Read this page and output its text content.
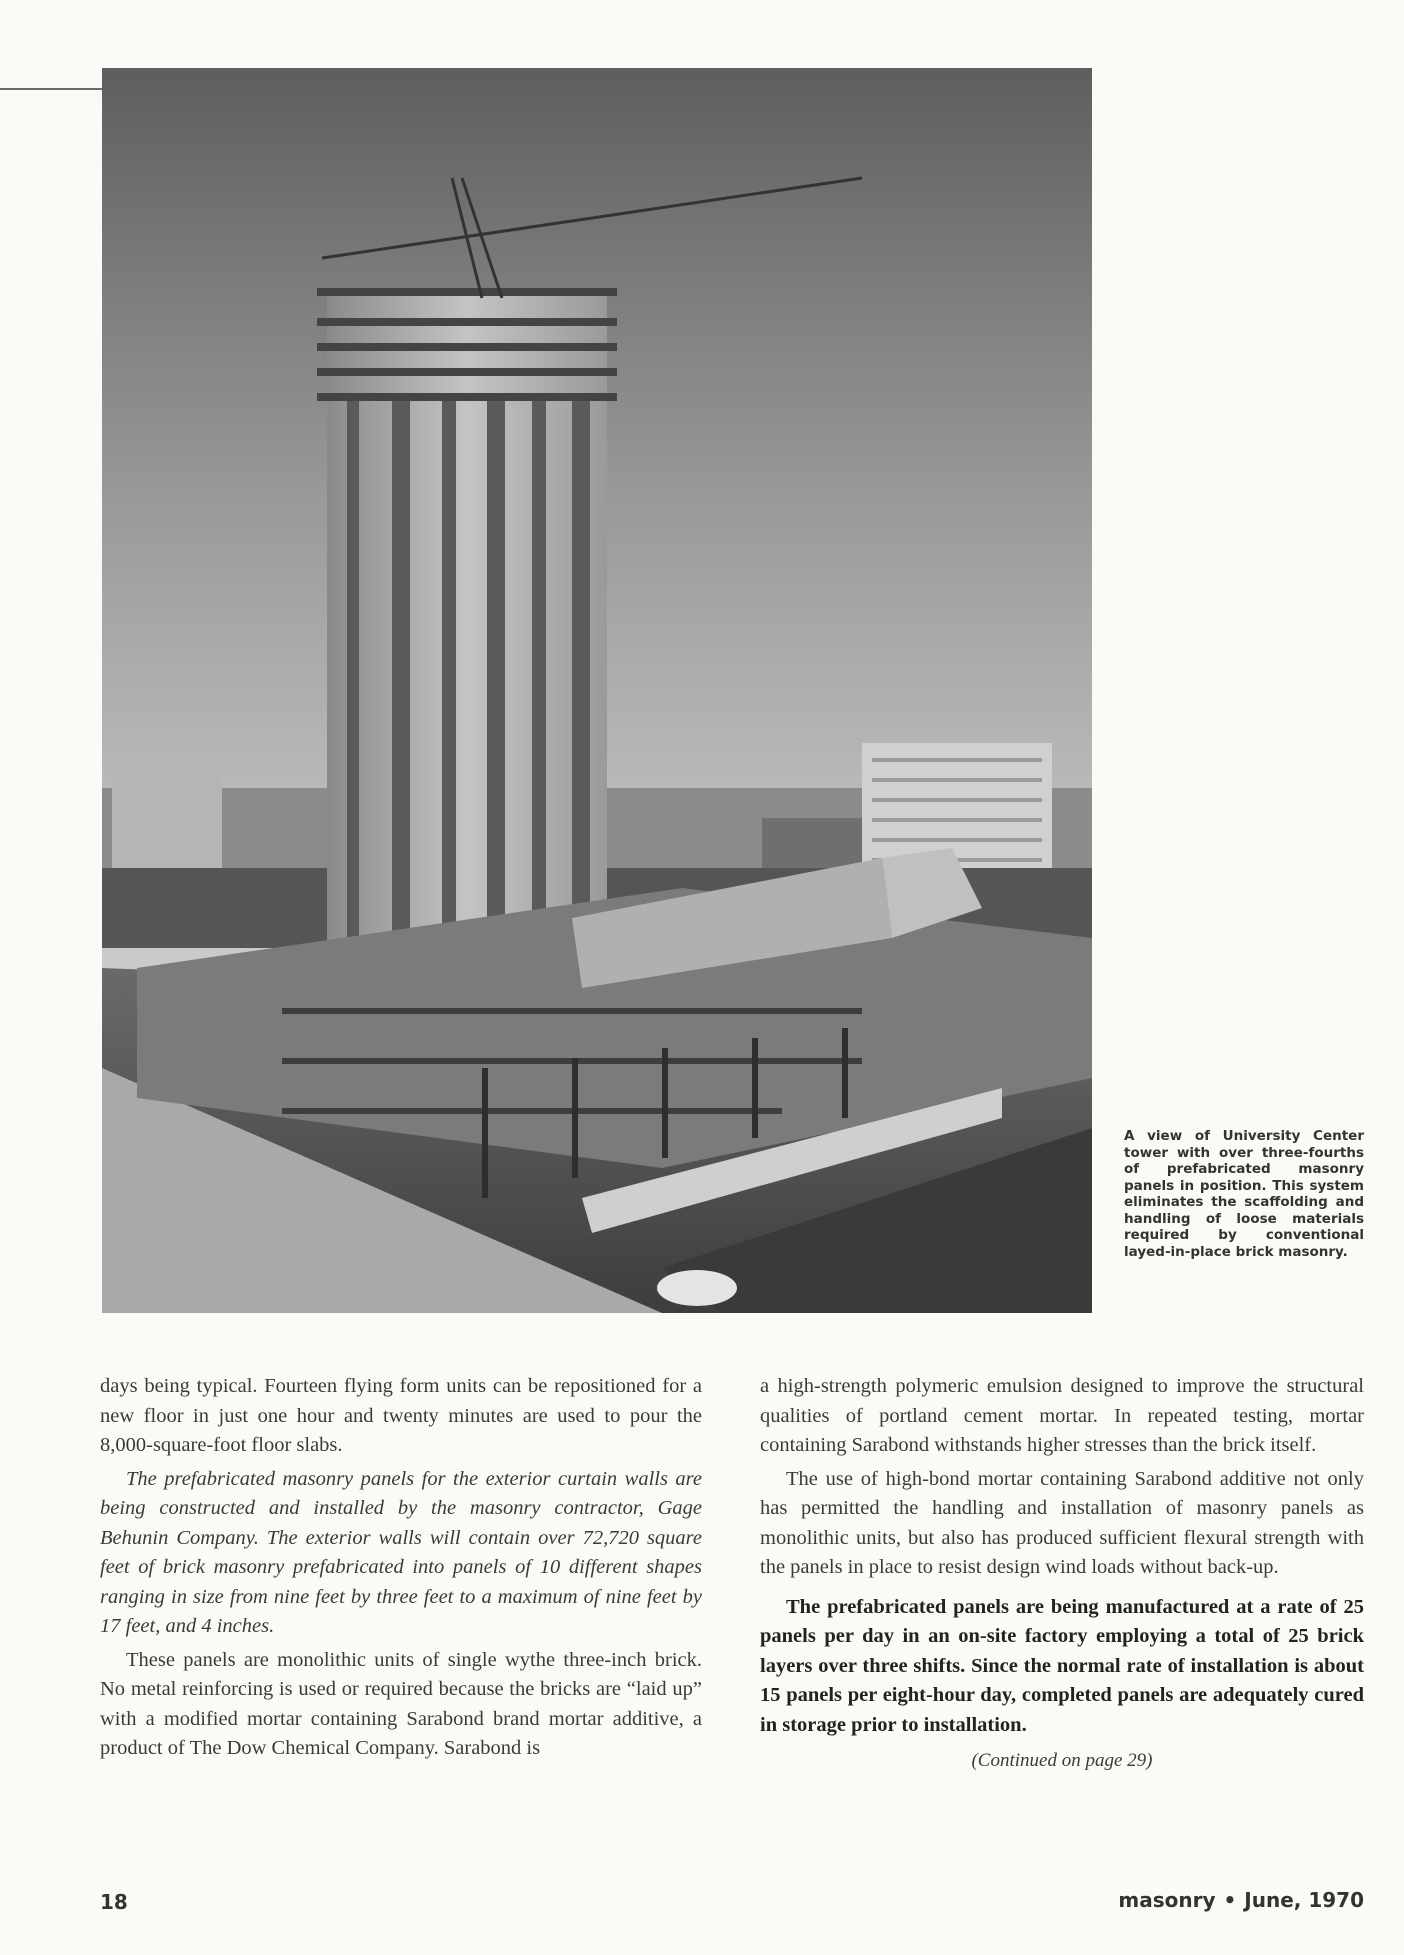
A view of University Center tower with over three-fourths of prefabricated masonry panels in position. This system eliminates the scaffolding and handling of loose materials required by conventional layed-in-place brick masonry.

days being typical. Fourteen flying form units can be repositioned for a new floor in just one hour and twenty minutes are used to pour the 8,000-square-foot floor slabs.

The prefabricated masonry panels for the exterior curtain walls are being constructed and installed by the masonry contractor, Gage Behunin Company. The exterior walls will contain over 72,720 square feet of brick masonry prefabricated into panels of 10 different shapes ranging in size from nine feet by three feet to a maximum of nine feet by 17 feet, and 4 inches.

These panels are monolithic units of single wythe three-inch brick. No metal reinforcing is used or required because the bricks are “laid up” with a modified mortar containing Sarabond brand mortar additive, a product of The Dow Chemical Company. Sarabond is

a high-strength polymeric emulsion designed to improve the structural qualities of portland cement mortar. In repeated testing, mortar containing Sarabond withstands higher stresses than the brick itself.

The use of high-bond mortar containing Sarabond additive not only has permitted the handling and installation of masonry panels as monolithic units, but also has produced sufficient flexural strength with the panels in place to resist design wind loads without back-up.

The prefabricated panels are being manufactured at a rate of 25 panels per day in an on-site factory employing a total of 25 brick layers over three shifts. Since the normal rate of installation is about 15 panels per eight-hour day, completed panels are adequately cured in storage prior to installation.

(Continued on page 29)

18	masonry • June, 1970
